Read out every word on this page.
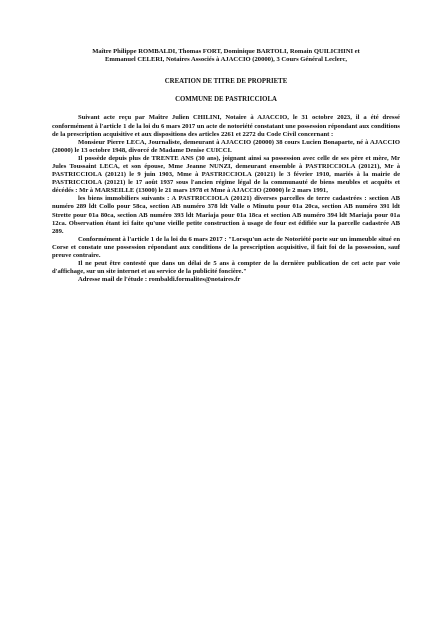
Maître Philippe ROMBALDI, Thomas FORT, Dominique BARTOLI, Romain QUILICHINI et
Emmanuel CELERI, Notaires Associés à AJACCIO (20000), 3 Cours Général Leclerc,
CREATION DE TITRE DE PROPRIETE
COMMUNE DE PASTRICCIOLA

Suivant acte reçu par Maître Julien CHILINI, Notaire à AJACCIO, le 31 octobre 2023, il a été dressé conformément à l'article 1 de la loi du 6 mars 2017 un acte de notoriété constatant une possession répondant aux conditions de la prescription acquisitive et aux dispositions des articles 2261 et 2272 du Code Civil concernant :

Monsieur Pierre LECA, Journaliste, demeurant à AJACCIO (20000) 38 cours Lucien Bonaparte, né à AJACCIO (20000) le 13 octobre 1948, divorcé de Madame Denise CUICCI.

Il possède depuis plus de TRENTE ANS (30 ans), joignant ainsi sa possession avec celle de ses père et mère, Mr Jules Toussaint LECA, et son épouse, Mme Jeanne NUNZI, demeurant ensemble à PASTRICCIOLA (20121), Mr à PASTRICCIOLA (20121) le 9 juin 1903, Mme à PASTRICCIOLA (20121) le 3 février 1910, mariés à la mairie de PASTRICCIOLA (20121) le 17 août 1937 sous l'ancien régime légal de la communauté de biens meubles et acquêts et décédés : Mr à MARSEILLE (13000) le 21 mars 1978 et Mme à AJACCIO (20000) le 2 mars 1991,

les biens immobiliers suivants : A PASTRICCIOLA (20121) diverses parcelles de terre cadastrées : section AB numéro 289 ldt Collo pour 58ca, section AB numéro 378 ldt Valle o Minutu pour 01a 20ca, section AB numéro 391 ldt Strette pour 01a 80ca, section AB numéro 393 ldt Mariaja pour 01a 18ca et section AB numéro 394 ldt Mariaja pour 01a 12ca. Observation étant ici faite qu'une vieille petite construction à usage de four est édifiée sur la parcelle cadastrée AB 289.

Conformément à l'article 1 de la loi du 6 mars 2017 : "Lorsqu'un acte de Notoriété porte sur un immeuble situé en Corse et constate une possession répondant aux conditions de la prescription acquisitive, il fait foi de la possession, sauf preuve contraire.

Il ne peut être contesté que dans un délai de 5 ans à compter de la dernière publication de cet acte par voie d'affichage, sur un site internet et au service de la publicité foncière."

Adresse mail de l'étude : rombaldi.formalites@notaires.fr
